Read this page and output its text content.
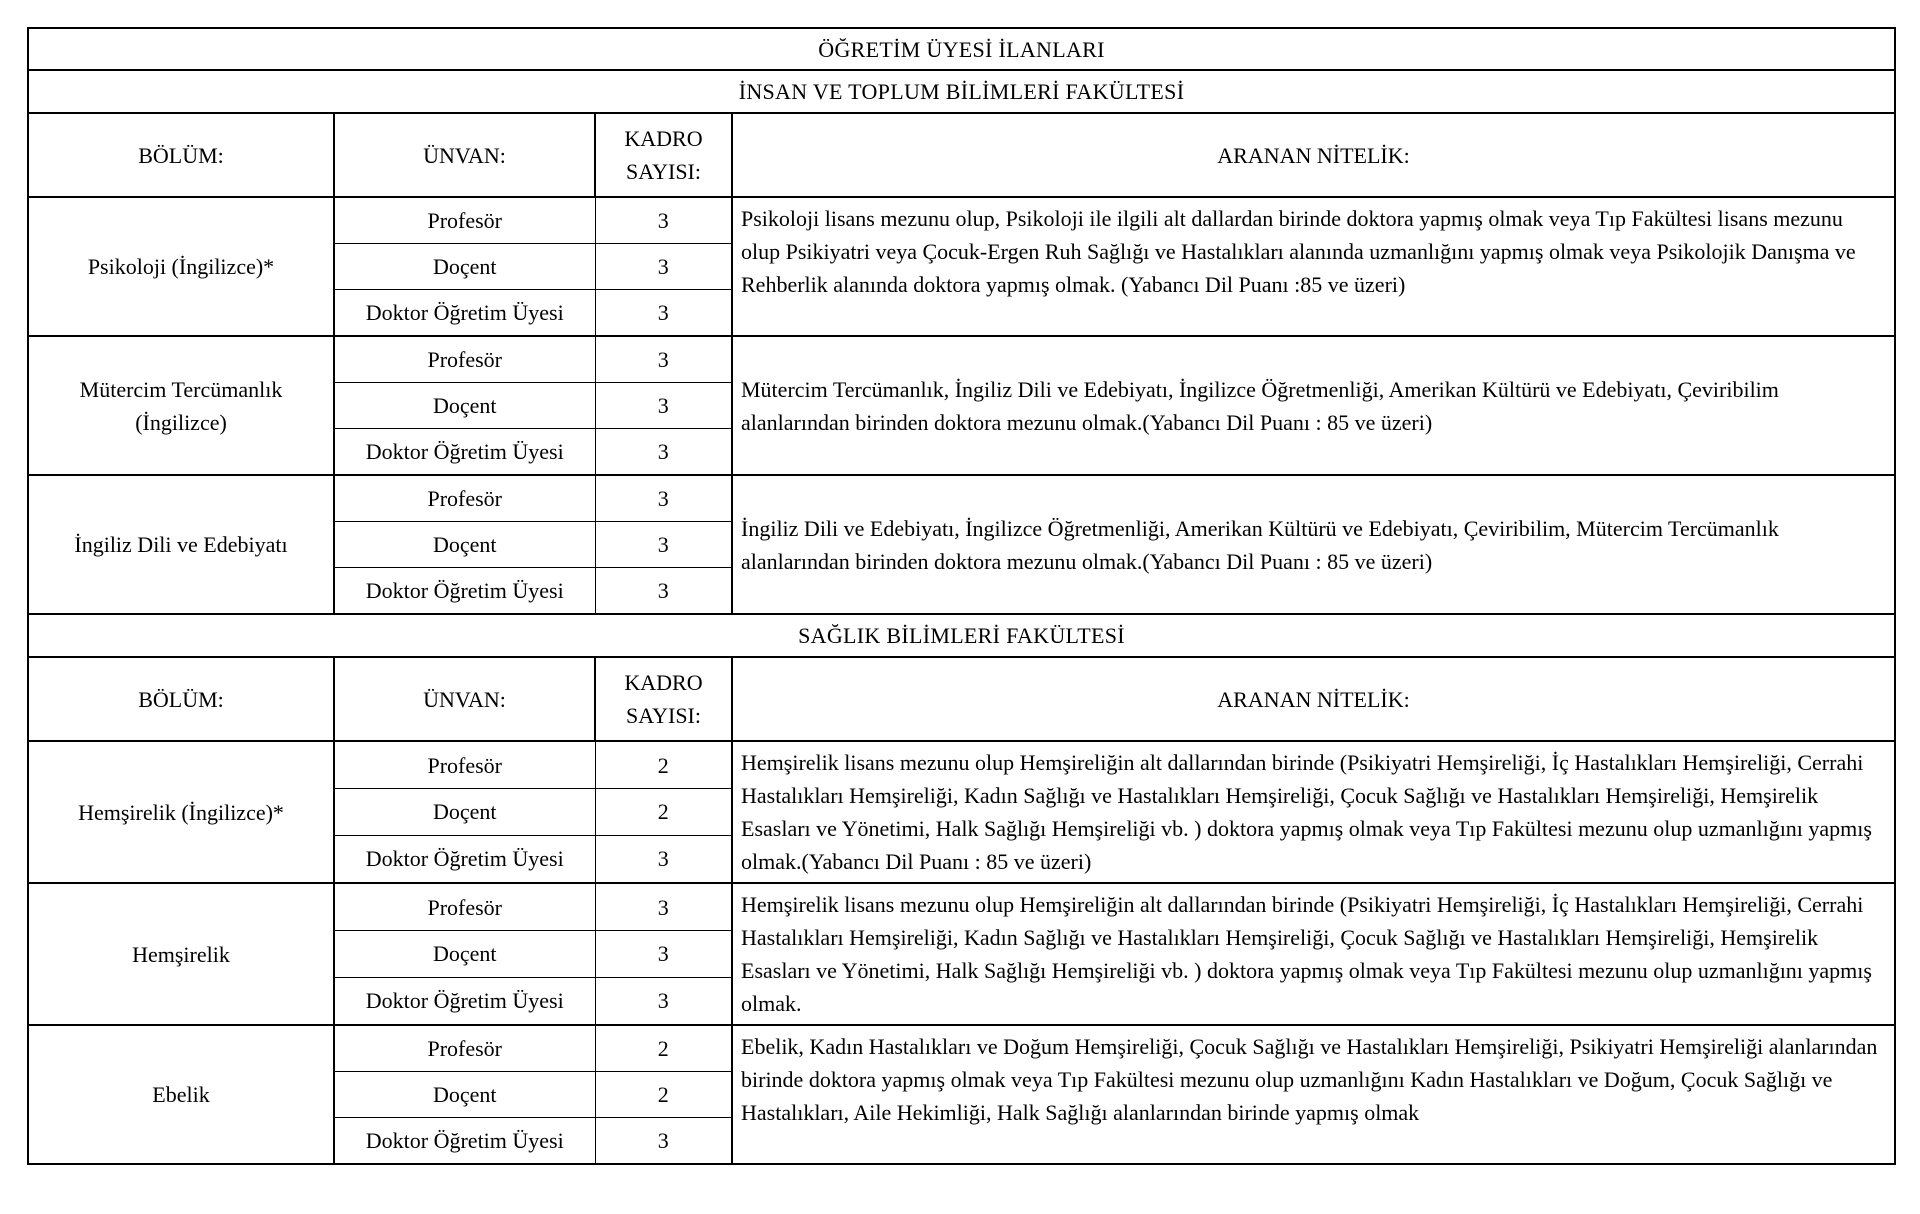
ÖĞRETİM ÜYESİ İLANLARI			
İNSAN VE TOPLUM BİLİMLERİ FAKÜLTESİ			
BÖLÜM:	ÜNVAN:	KADRO SAYISI:	ARANAN NİTELİK:
Psikoloji (İngilizce)*	Profesör	3	Psikoloji lisans mezunu olup, Psikoloji ile ilgili alt dallardan birinde doktora yapmış olmak veya Tıp Fakültesi lisans mezunu olup Psikiyatri veya Çocuk-Ergen Ruh Sağlığı ve Hastalıkları alanında uzmanlığını yapmış olmak veya Psikolojik Danışma ve Rehberlik alanında doktora yapmış olmak. (Yabancı Dil Puanı :85 ve üzeri)
	Doçent	3	
	Doktor Öğretim Üyesi	3	
Mütercim Tercümanlık (İngilizce)	Profesör	3	Mütercim Tercümanlık, İngiliz Dili ve Edebiyatı, İngilizce Öğretmenliği, Amerikan Kültürü ve Edebiyatı, Çeviribilim alanlarından birinden doktora mezunu olmak.(Yabancı Dil Puanı : 85 ve üzeri)
	Doçent	3	
	Doktor Öğretim Üyesi	3	
İngiliz Dili ve Edebiyatı	Profesör	3	İngiliz Dili ve Edebiyatı, İngilizce Öğretmenliği, Amerikan Kültürü ve Edebiyatı, Çeviribilim, Mütercim Tercümanlık alanlarından birinden doktora mezunu olmak.(Yabancı Dil Puanı : 85 ve üzeri)
	Doçent	3	
	Doktor Öğretim Üyesi	3	
SAĞLIK BİLİMLERİ FAKÜLTESİ			
BÖLÜM:	ÜNVAN:	KADRO SAYISI:	ARANAN NİTELİK:
Hemşirelik (İngilizce)*	Profesör	2	Hemşirelik lisans mezunu olup Hemşireliğin alt dallarından birinde (Psikiyatri Hemşireliği, İç Hastalıkları Hemşireliği, Cerrahi Hastalıkları Hemşireliği, Kadın Sağlığı ve Hastalıkları Hemşireliği, Çocuk Sağlığı ve Hastalıkları Hemşireliği, Hemşirelik Esasları ve Yönetimi, Halk Sağlığı Hemşireliği vb. ) doktora yapmış olmak veya Tıp Fakültesi mezunu olup uzmanlığını yapmış olmak.(Yabancı Dil Puanı : 85 ve üzeri)
	Doçent	2	
	Doktor Öğretim Üyesi	3	
Hemşirelik	Profesör	3	Hemşirelik lisans mezunu olup Hemşireliğin alt dallarından birinde (Psikiyatri Hemşireliği, İç Hastalıkları Hemşireliği, Cerrahi Hastalıkları Hemşireliği, Kadın Sağlığı ve Hastalıkları Hemşireliği, Çocuk Sağlığı ve Hastalıkları Hemşireliği, Hemşirelik Esasları ve Yönetimi, Halk Sağlığı Hemşireliği vb. ) doktora yapmış olmak veya Tıp Fakültesi mezunu olup uzmanlığını yapmış olmak.
	Doçent	3	
	Doktor Öğretim Üyesi	3	
Ebelik	Profesör	2	Ebelik, Kadın Hastalıkları ve Doğum Hemşireliği, Çocuk Sağlığı ve Hastalıkları Hemşireliği, Psikiyatri Hemşireliği alanlarından birinde doktora yapmış olmak veya Tıp Fakültesi mezunu olup uzmanlığını Kadın Hastalıkları ve Doğum, Çocuk Sağlığı ve Hastalıkları, Aile Hekimliği, Halk Sağlığı alanlarından birinde yapmış olmak
	Doçent	2	
	Doktor Öğretim Üyesi	3	
